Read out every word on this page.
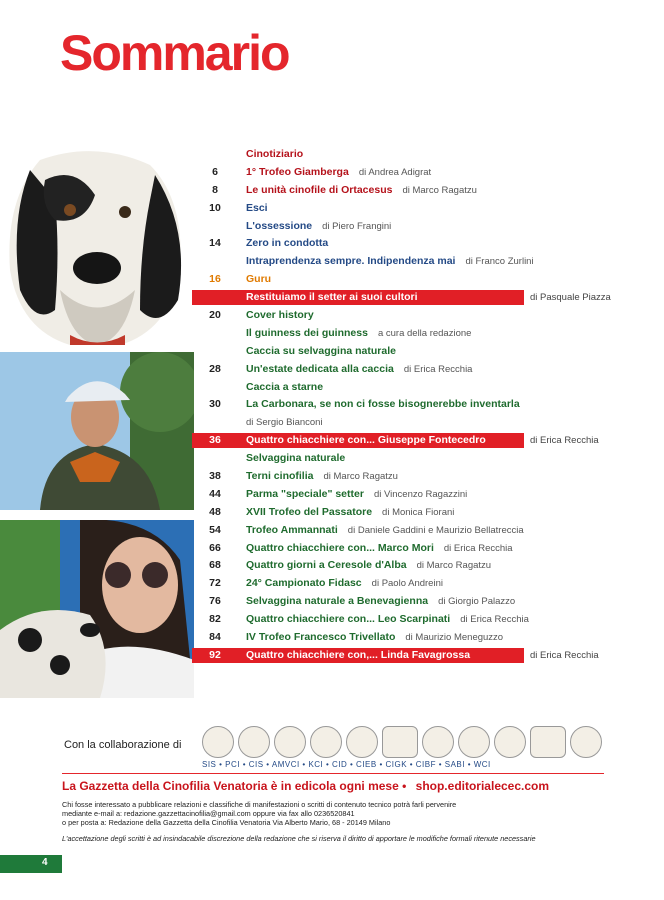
Sommario
Cinotiziario
6	1° Trofeo Giamberga di Andrea Adigrat
8	Le unità cinofile di Ortacesus di Marco Ragatzu
10	Esci
L'ossessione di Piero Frangini
14	Zero in condotta
Intraprendenza sempre. Indipendenza mai di Franco Zurlini
16	Guru
Restituiamo il setter ai suoi cultori	di Pasquale Piazza
20	Cover history
Il guinness dei guinness a cura della redazione
Caccia su selvaggina naturale
28	Un'estate dedicata alla caccia di Erica Recchia
Caccia a starne
30	La Carbonara, se non ci fosse bisognerebbe inventarla
di Sergio Bianconi
36	Quattro chiacchiere con... Giuseppe Fontecedro	di Erica Recchia
Selvaggina naturale
38	Terni cinofilia di Marco Ragatzu
44	Parma "speciale" setter di Vincenzo Ragazzini
48	XVII Trofeo del Passatore di Monica Fiorani
54	Trofeo Ammannati di Daniele Gaddini e Maurizio Bellatreccia
66	Quattro chiacchiere con... Marco Mori di Erica Recchia
68	Quattro giorni a Ceresole d'Alba di Marco Ragatzu
72	24° Campionato Fidasc di Paolo Andreini
76	Selvaggina naturale a Benevagienna di Giorgio Palazzo
82	Quattro chiacchiere con... Leo Scarpinati di Erica Recchia
84	IV Trofeo Francesco Trivellato di Maurizio Meneguzzo
92	Quattro chiacchiere con,... Linda Favagrossa	di Erica Recchia
Con la collaborazione di
SIS • PCI • CIS • AMVCI • KCI • CID • CIEB • CIGK • CIBF • SABI • WCI
La Gazzetta della Cinofilia Venatoria è in edicola ogni mese • shop.editorialecec.com
Chi fosse interessato a pubblicare relazioni e classifiche di manifestazioni o scritti di contenuto tecnico potrà farli pervenire
mediante e-mail a: redazione.gazzettacinofilia@gmail.com oppure via fax allo 0236520841
o per posta a: Redazione della Gazzetta della Cinofilia Venatoria Via Alberto Mario, 68 - 20149 Milano
L'accettazione degli scritti è ad insindacabile discrezione della redazione che si riserva il diritto di apportare le modifiche formali ritenute necessarie
4
